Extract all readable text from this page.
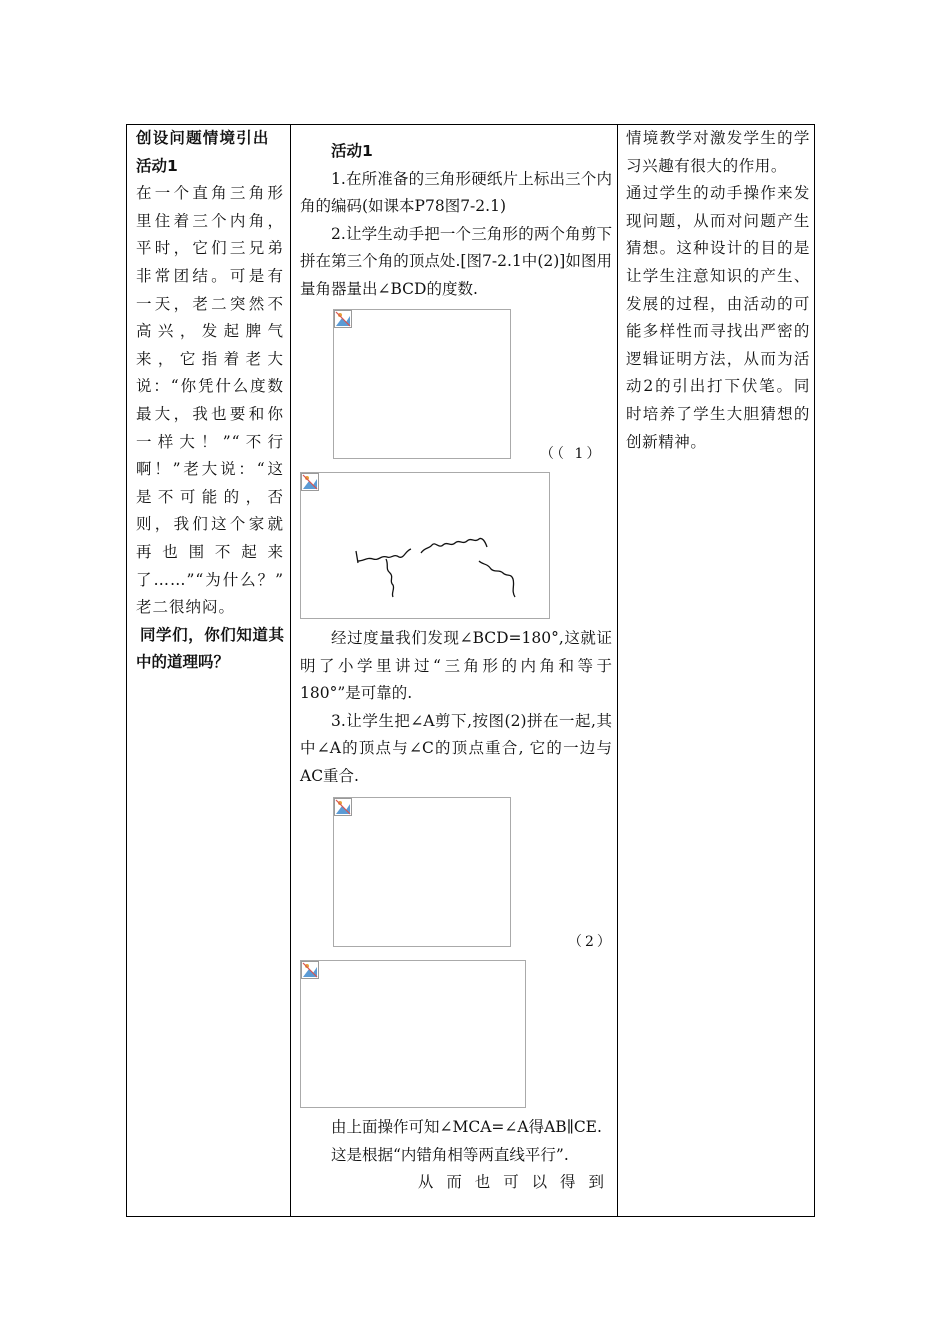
创设问题情境引出

活动1

在一个直角三角形里住着三个内角，平时，它们三兄弟非常团结。可是有一天，老二突然不高兴，发起脾气来，它指着老大说：“你凭什么度数最大，我也要和你一样大！”“不行啊！”老大说：“这是不可能的，否则，我们这个家就再也围不起来了……”“为什么？” 老二很纳闷。

同学们，你们知道其中的道理吗？

活动1

1.在所准备的三角形硬纸片上标出三个内角的编码(如课本P78图7-2.1)

2.让学生动手把一个三角形的两个角剪下拼在第三个角的顶点处.[图7-2.1中(2)]如图用量角器量出∠BCD的度数.

（（ 1）

经过度量我们发现∠BCD=180°,这就证明了小学里讲过“三角形的内角和等于180°”是可靠的.

3.让学生把∠A剪下,按图(2)拼在一起,其中∠A的顶点与∠C的顶点重合, 它的一边与AC重合.

（2）

由上面操作可知∠MCA=∠A得AB∥CE.

这是根据“内错角相等两直线平行”.

从 而 也 可 以 得 到

情境教学对激发学生的学习兴趣有很大的作用。

通过学生的动手操作来发现问题，从而对问题产生猜想。这种设计的目的是让学生注意知识的产生、发展的过程，由活动的可能多样性而寻找出严密的逻辑证明方法，从而为活动2的引出打下伏笔。同时培养了学生大胆猜想的创新精神。
